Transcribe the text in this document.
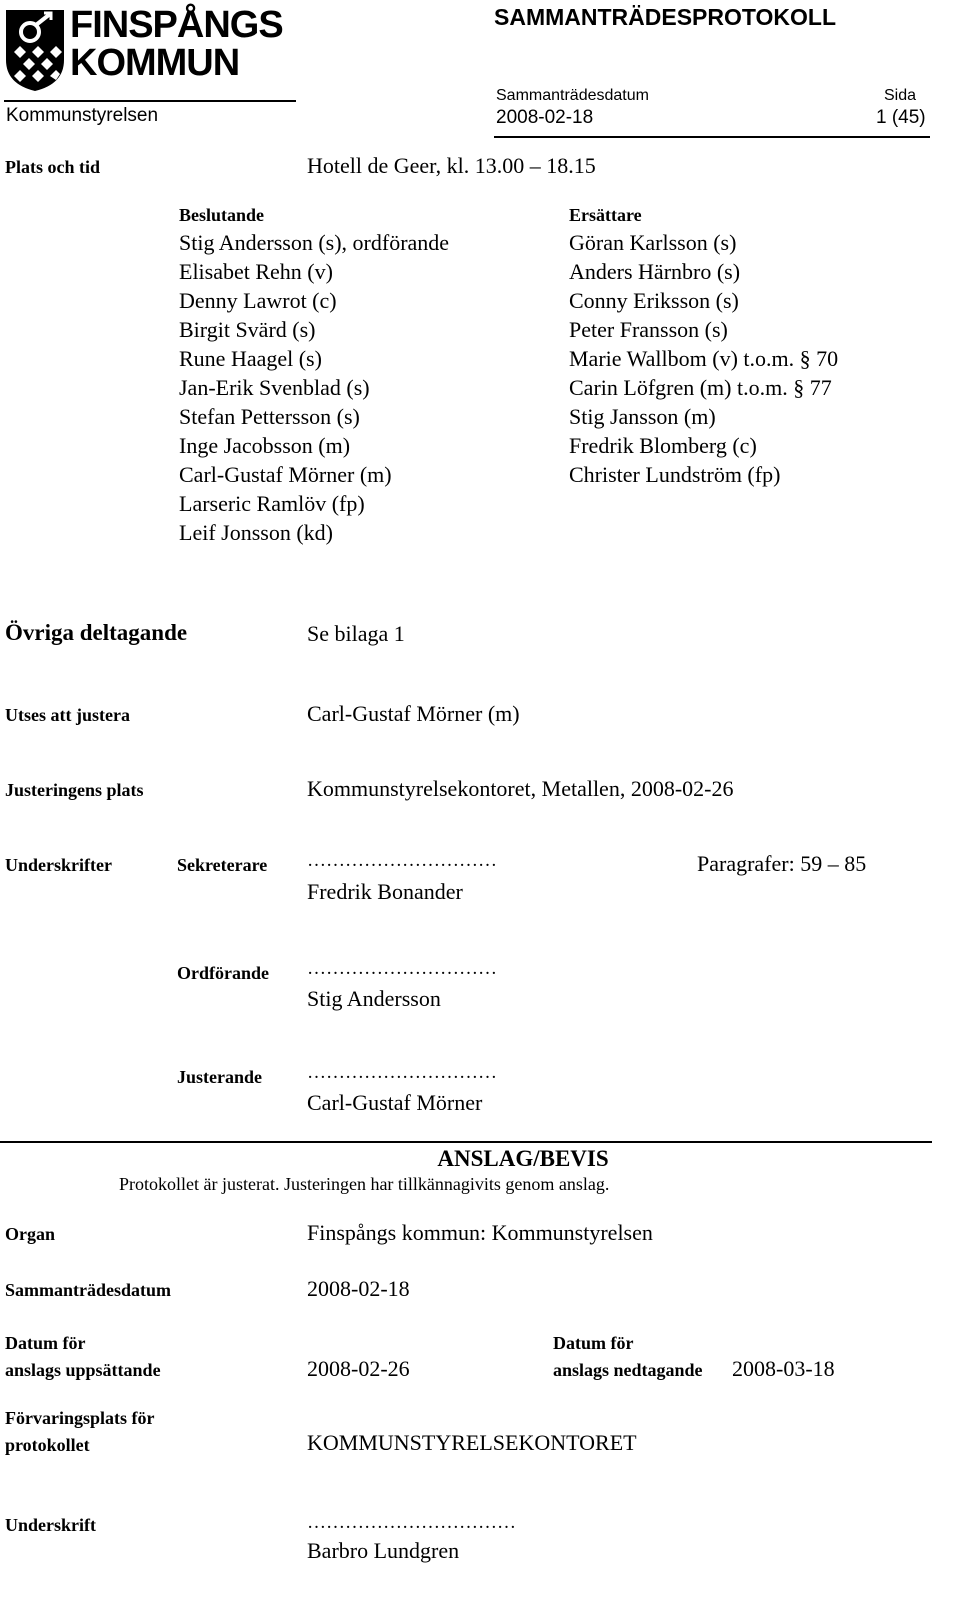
FINSPÅNGS
KOMMUN
Kommunstyrelsen
SAMMANTRÄDESPROTOKOLL
Sammanträdesdatum
2008-02-18
Sida
1 (45)
Plats och tid	Hotell de Geer, kl. 13.00 – 18.15
Beslutande
Stig Andersson (s), ordförande
Elisabet Rehn (v)
Denny Lawrot (c)
Birgit Svärd (s)
Rune Haagel (s)
Jan-Erik Svenblad (s)
Stefan Pettersson (s)
Inge Jacobsson (m)
Carl-Gustaf Mörner (m)
Larseric Ramlöv (fp)
Leif Jonsson (kd)
Ersättare
Göran Karlsson (s)
Anders Härnbro (s)
Conny Eriksson (s)
Peter Fransson (s)
Marie Wallbom (v) t.o.m. § 70
Carin Löfgren (m) t.o.m. § 77
Stig Jansson (m)
Fredrik Blomberg (c)
Christer Lundström (fp)
Övriga deltagande	Se bilaga 1
Utses att justera	Carl-Gustaf Mörner (m)
Justeringens plats	Kommunstyrelsekontoret, Metallen, 2008-02-26
Underskrifter	Sekreterare …………………………	Paragrafer: 59 – 85
Fredrik Bonander
Ordförande …………………………
Stig Andersson
Justerande …………………………
Carl-Gustaf Mörner
ANSLAG/BEVIS
Protokollet är justerat. Justeringen har tillkännagivits genom anslag.
Organ	Finspångs kommun: Kommunstyrelsen
Sammanträdesdatum	2008-02-18
Datum för
anslags uppsättande	2008-02-26
Datum för
anslags nedtagande 2008-03-18
Förvaringsplats för
protokollet	KOMMUNSTYRELSEKONTORET
Underskrift	……………………………
Barbro Lundgren
